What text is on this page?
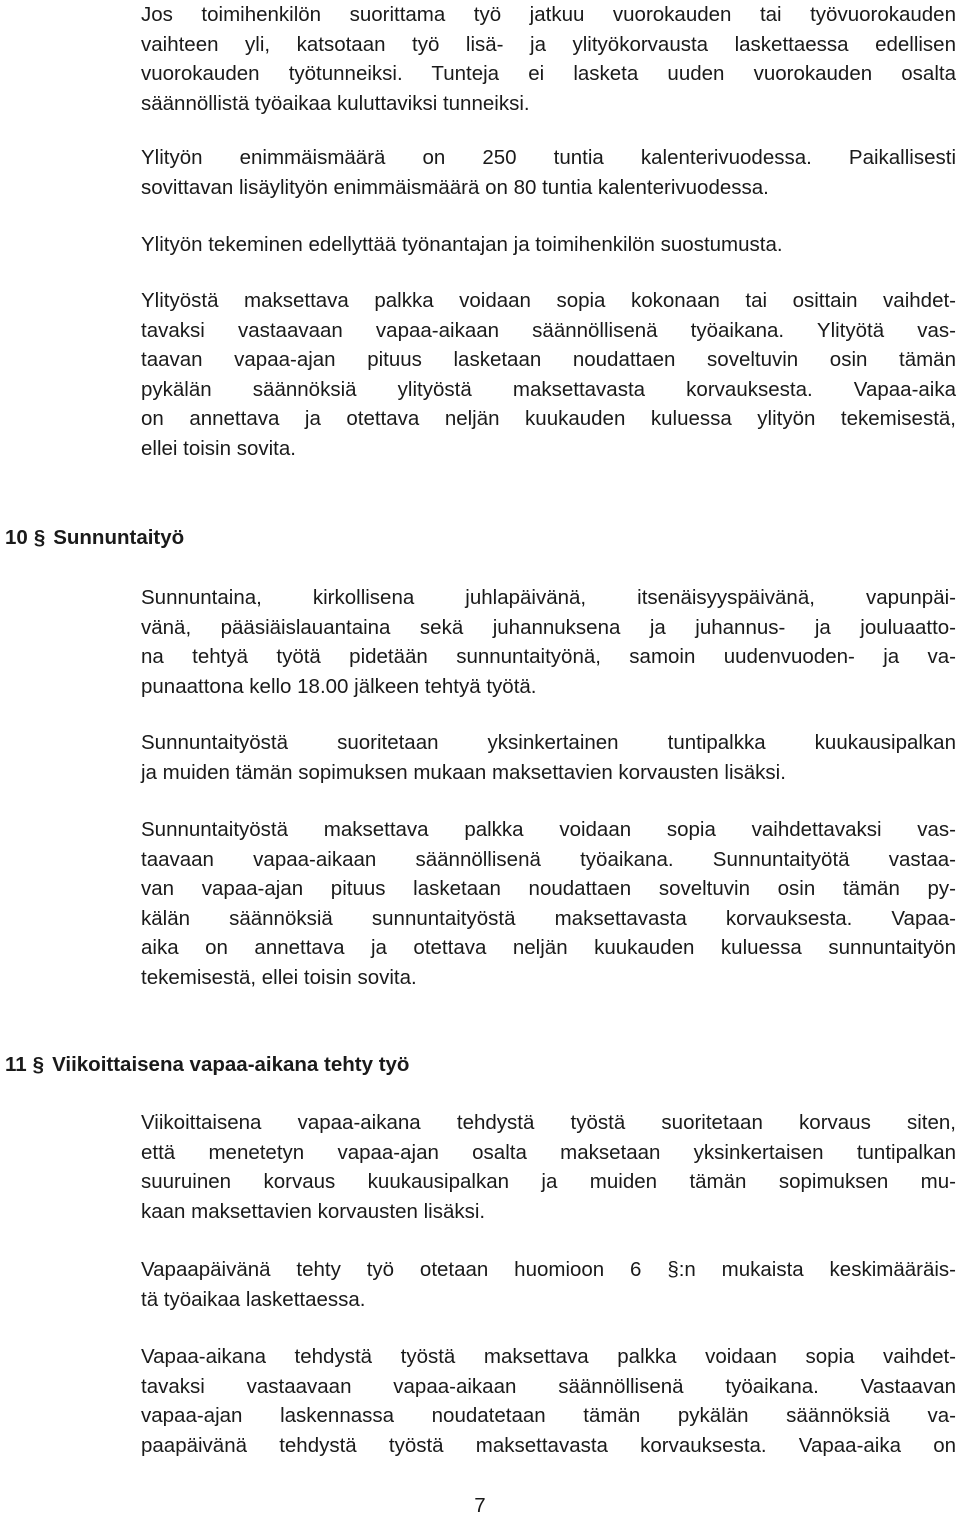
Jos toimihenkilön suorittama työ jatkuu vuorokauden tai työvuorokauden
vaihteen yli, katsotaan työ lisä- ja ylityökorvausta laskettaessa edellisen
vuorokauden työtunneiksi. Tunteja ei lasketa uuden vuorokauden osalta
säännöllistä työaikaa kuluttaviksi tunneiksi.
Ylityön enimmäismäärä on 250 tuntia kalenterivuodessa. Paikallisesti
sovittavan lisäylityön enimmäismäärä on 80 tuntia kalenterivuodessa.
Ylityön tekeminen edellyttää työnantajan ja toimihenkilön suostumusta.
Ylityöstä maksettava palkka voidaan sopia kokonaan tai osittain vaihdet-
tavaksi vastaavaan vapaa-aikaan säännöllisenä työaikana. Ylityötä vas-
taavan vapaa-ajan pituus lasketaan noudattaen soveltuvin osin tämän
pykälän säännöksiä ylityöstä maksettavasta korvauksesta. Vapaa-aika
on annettava ja otettava neljän kuukauden kuluessa ylityön tekemisestä,
ellei toisin sovita.
10 § Sunnuntaityö
Sunnuntaina, kirkollisena juhlapäivänä, itsenäisyyspäivänä, vapunpäi-
vänä, pääsiäislauantaina sekä juhannuksena ja juhannus- ja jouluaatto-
na tehtyä työtä pidetään sunnuntaityönä, samoin uudenvuoden- ja va-
punaattona kello 18.00 jälkeen tehtyä työtä.
Sunnuntaityöstä suoritetaan yksinkertainen tuntipalkka kuukausipalkan
ja muiden tämän sopimuksen mukaan maksettavien korvausten lisäksi.
Sunnuntaityöstä maksettava palkka voidaan sopia vaihdettavaksi vas-
taavaan vapaa-aikaan säännöllisenä työaikana. Sunnuntaityötä vastaa-
van vapaa-ajan pituus lasketaan noudattaen soveltuvin osin tämän py-
kälän säännöksiä sunnuntaityöstä maksettavasta korvauksesta. Vapaa-
aika on annettava ja otettava neljän kuukauden kuluessa sunnuntaityön
tekemisestä, ellei toisin sovita.
11 § Viikoittaisena vapaa-aikana tehty työ
Viikoittaisena vapaa-aikana tehdystä työstä suoritetaan korvaus siten,
että menetetyn vapaa-ajan osalta maksetaan yksinkertaisen tuntipalkan
suuruinen korvaus kuukausipalkan ja muiden tämän sopimuksen mu-
kaan maksettavien korvausten lisäksi.
Vapaapäivänä tehty työ otetaan huomioon 6 §:n mukaista keskimääräis-
tä työaikaa laskettaessa.
Vapaa-aikana tehdystä työstä maksettava palkka voidaan sopia vaihdet-
tavaksi vastaavaan vapaa-aikaan säännöllisenä työaikana. Vastaavan
vapaa-ajan laskennassa noudatetaan tämän pykälän säännöksiä va-
paapäivänä tehdystä työstä maksettavasta korvauksesta. Vapaa-aika on
7
